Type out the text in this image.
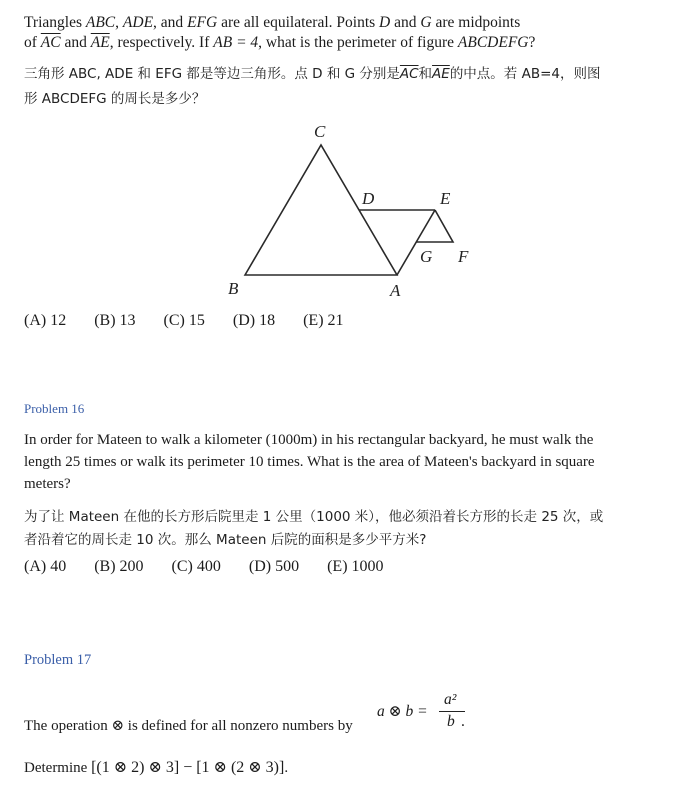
Triangles ABC, ADE, and EFG are all equilateral. Points D and G are midpoints
of $\overline{AC}$ and $\overline{AE}$, respectively. If AB = 4, what is the perimeter of figure ABCDEFG?
三角形 ABC, ADE 和 EFG 都是等边三角形。点 D 和 G 分别是$\overline{AC}$和$\overline{AE}$的中点。若 AB=4，则图
形 ABCDEFG 的周长是多少？
C
D	E
G F
B	A
(A) 12 (B) 13 (C) 15 (D) 18 (E) 21
Problem 16
In order for Mateen to walk a kilometer (1000m) in his rectangular backyard, he must walk the
length 25 times or walk its perimeter 10 times. What is the area of Mateen's backyard in square
meters?
为了让 Mateen 在他的长方形后院里走 1 公里（1000 米），他必须沿着长方形的长走 25 次，或
者沿着它的周长走 10 次。那么 Mateen 后院的面积是多少平方米?
(A) 40 (B) 200 (C) 400 (D) 500 (E) 1000
Problem 17
The operation ⊗ is defined for all nonzero numbers by
a ⊗ b =
a²
b .
Determine [(1 ⊗ 2) ⊗ 3] − [1 ⊗ (2 ⊗ 3)].
